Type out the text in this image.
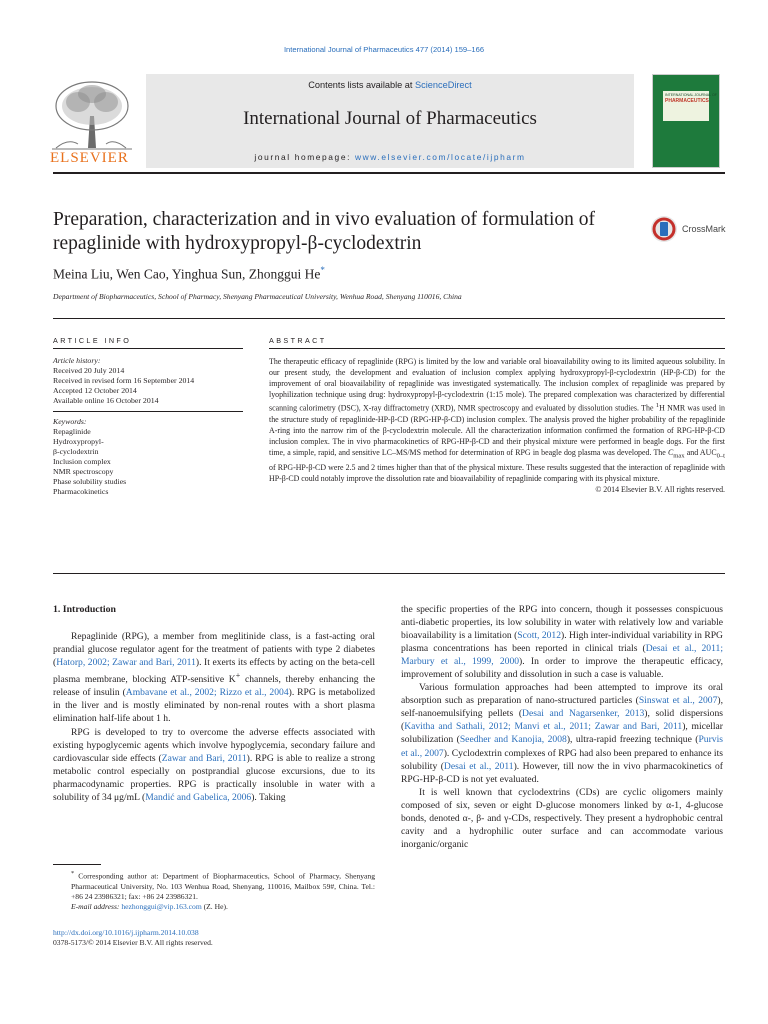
International Journal of Pharmaceutics 477 (2014) 159–166
ELSEVIER
Contents lists available at ScienceDirect
International Journal of Pharmaceutics
journal homepage: www.elsevier.com/locate/ijpharm
INTERNATIONAL JOURNAL OF
PHARMACEUTICS
Preparation, characterization and in vivo evaluation of formulation of repaglinide with hydroxypropyl-β-cyclodextrin
CrossMark
Meina Liu, Wen Cao, Yinghua Sun, Zhonggui He*
Department of Biopharmaceutics, School of Pharmacy, Shenyang Pharmaceutical University, Wenhua Road, Shenyang 110016, China
ARTICLE INFO	ABSTRACT
Article history:
Received 20 July 2014
Received in revised form 16 September 2014
Accepted 12 October 2014
Available online 16 October 2014
Keywords:
Repaglinide
Hydroxypropyl-
β-cyclodextrin
Inclusion complex
NMR spectroscopy
Phase solubility studies
Pharmacokinetics
The therapeutic efficacy of repaglinide (RPG) is limited by the low and variable oral bioavailability owing to its limited aqueous solubility. In our present study, the development and evaluation of inclusion complex applying hydroxypropyl-β-cyclodextrin (HP-β-CD) for the improvement of oral bioavailability of repaglinide was investigated systematically. The inclusion complex of repaglinide was prepared by lyophilization technique using drug: hydroxypropyl-β-cyclodextrin (1:15 mole). The prepared complexation was characterized by differential scanning calorimetry (DSC), X-ray diffractometry (XRD), NMR spectroscopy and evaluated by dissolution studies. The $^1$H NMR was used in the structure study of repaglinide-HP-β-CD (RPG-HP-β-CD) inclusion complex. The analysis proved the higher probability of the repaglinide A-ring into the narrow rim of the β-cyclodextrin molecule. All the characterization information confirmed the formation of RPG-HP-β-CD inclusion complex. The in vivo pharmacokinetics of RPG-HP-β-CD and their physical mixture were performed in beagle dogs. For the first time, a simple, rapid, and sensitive LC–MS/MS method for determination of RPG in beagle dog plasma was developed. The $C_{max}$ and $AUC_{0-t}$ of RPG-HP-β-CD were 2.5 and 2 times higher than that of the physical mixture. These results suggested that the interaction of repaglinide with HP-β-CD could notably improve the dissolution rate and bioavailability of repaglinide comparing with its physical mixture.
© 2014 Elsevier B.V. All rights reserved.
1. Introduction

Repaglinide (RPG), a member from meglitinide class, is a fast-acting oral prandial glucose regulator agent for the treatment of patients with type 2 diabetes (Hatorp, 2002; Zawar and Bari, 2011). It exerts its effects by acting on the beta-cell plasma membrane, blocking ATP-sensitive K+ channels, thereby enhancing the release of insulin (Ambavane et al., 2002; Rizzo et al., 2004). RPG is metabolized in the liver and is mostly eliminated by non-renal routes with a short plasma elimination half-life about 1 h.

RPG is developed to try to overcome the adverse effects associated with existing hypoglycemic agents which involve hypoglycemia, secondary failure and cardiovascular side effects (Zawar and Bari, 2011). RPG is able to realize a strong metabolic control especially on postprandial glucose excursions, due to its pharmacodynamic properties. RPG is practically insoluble in water with a solubility of 34 μg/mL (Mandić and Gabelica, 2006). Taking

the specific properties of the RPG into concern, though it possesses conspicuous anti-diabetic properties, its low solubility in water with relatively low and variable bioavailability is a limitation (Scott, 2012). High inter-individual variability in RPG plasma concentrations has been reported in clinical trials (Desai et al., 2011; Marbury et al., 1999, 2000). In order to improve the therapeutic efficacy, improvement of solubility and dissolution in such a case is valuable.

Various formulation approaches had been attempted to improve its oral absorption such as preparation of nano-structured particles (Sinswat et al., 2007), self-nanoemulsifying pellets (Desai and Nagarsenker, 2013), solid dispersions (Kavitha and Sathali, 2012; Manvi et al., 2011; Zawar and Bari, 2011), micellar solubilization (Seedher and Kanojia, 2008), ultra-rapid freezing technique (Purvis et al., 2007). Cyclodextrin complexes of RPG had also been prepared to enhance its solubility (Desai et al., 2011). However, till now the in vivo pharmacokinetics of RPG-HP-β-CD is not yet evaluated.

It is well known that cyclodextrins (CDs) are cyclic oligomers mainly composed of six, seven or eight D-glucose monomers linked by α-1, 4-glucose bonds, denoted α-, β- and γ-CDs, respectively. They present a hydrophobic central cavity and a hydrophilic outer surface and can accommodate various inorganic/organic

* Corresponding author at: Department of Biopharmaceutics, School of Pharmacy, Shenyang Pharmaceutical University, No. 103 Wenhua Road, Shenyang, 110016, Mailbox 59#, China. Tel.: +86 24 23986321; fax: +86 24 23986321.
E-mail address: hezhonggui@vip.163.com (Z. He).
http://dx.doi.org/10.1016/j.ijpharm.2014.10.038
0378-5173/© 2014 Elsevier B.V. All rights reserved.
